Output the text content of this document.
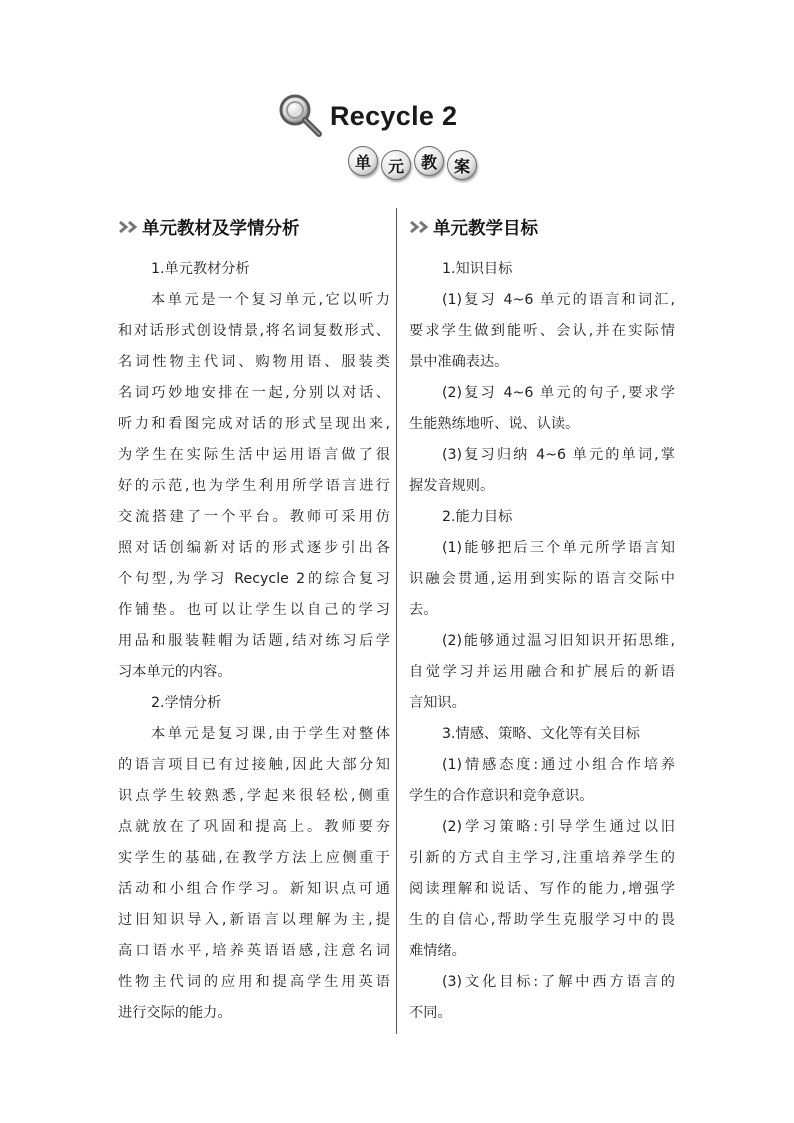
Recycle 2
单	元	教	案
单元教材及学情分析
1.单元教材分析
本单元是一个复习单元,它以听力
和对话形式创设情景,将名词复数形式、
名词性物主代词、购物用语、服装类
名词巧妙地安排在一起,分别以对话、
听力和看图完成对话的形式呈现出来,
为学生在实际生活中运用语言做了很
好的示范,也为学生利用所学语言进行
交流搭建了一个平台。教师可采用仿
照对话创编新对话的形式逐步引出各
个句型,为学习 Recycle 2的综合复习
作铺垫。也可以让学生以自己的学习
用品和服装鞋帽为话题,结对练习后学
习本单元的内容。
2.学情分析
本单元是复习课,由于学生对整体
的语言项目已有过接触,因此大部分知
识点学生较熟悉,学起来很轻松,侧重
点就放在了巩固和提高上。教师要夯
实学生的基础,在教学方法上应侧重于
活动和小组合作学习。新知识点可通
过旧知识导入,新语言以理解为主,提
高口语水平,培养英语语感,注意名词
性物主代词的应用和提高学生用英语
进行交际的能力。
单元教学目标
1.知识目标
(1)复习 4~6 单元的语言和词汇,
要求学生做到能听、会认,并在实际情
景中准确表达。
(2)复习 4~6 单元的句子,要求学
生能熟练地听、说、认读。
(3)复习归纳 4~6 单元的单词,掌
握发音规则。
2.能力目标
(1)能够把后三个单元所学语言知
识融会贯通,运用到实际的语言交际中
去。
(2)能够通过温习旧知识开拓思维,
自觉学习并运用融合和扩展后的新语
言知识。
3.情感、策略、文化等有关目标
(1)情感态度:通过小组合作培养
学生的合作意识和竞争意识。
(2)学习策略:引导学生通过以旧
引新的方式自主学习,注重培养学生的
阅读理解和说话、写作的能力,增强学
生的自信心,帮助学生克服学习中的畏
难情绪。
(3)文化目标:了解中西方语言的
不同。
